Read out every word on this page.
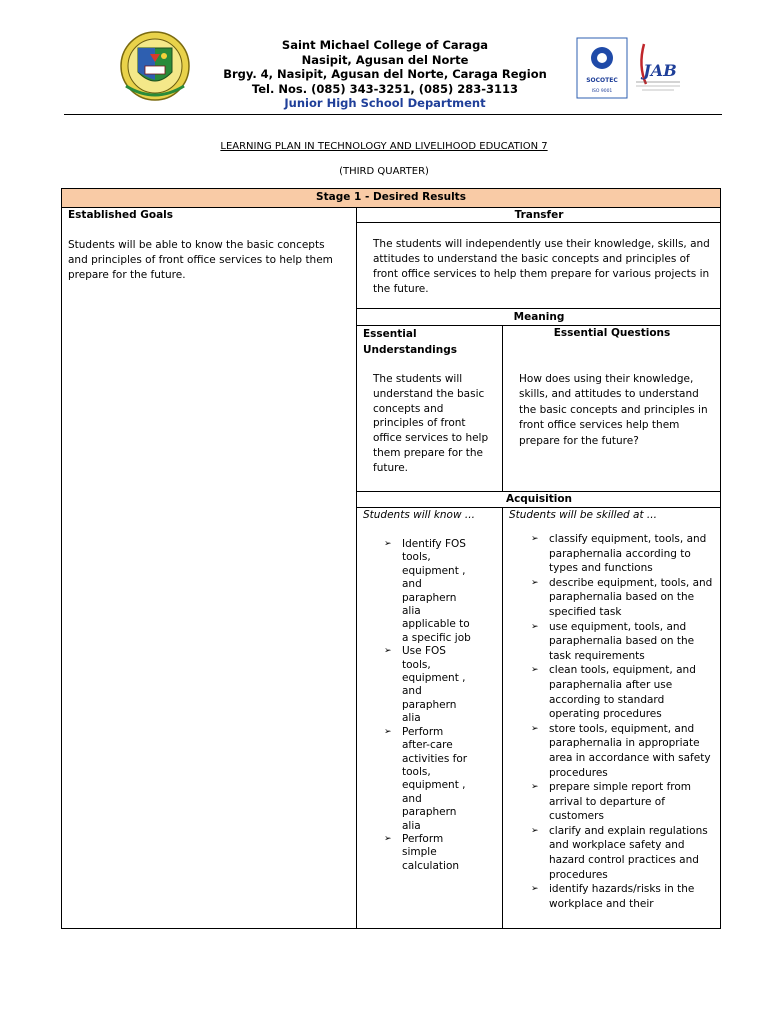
Saint Michael College of Caraga
Nasipit, Agusan del Norte
Brgy. 4, Nasipit, Agusan del Norte, Caraga Region
Tel. Nos. (085) 343-3251, (085) 283-3113
Junior High School Department
SOCOTEC
ISO 9001
JAB
LEARNING PLAN IN TECHNOLOGY AND LIVELIHOOD EDUCATION 7
(THIRD QUARTER)
Stage 1 - Desired Results
Established Goals
Students will be able to know the basic concepts and principles of front office services to help them prepare for the future.
Transfer
The students will independently use their knowledge, skills, and attitudes to understand the basic concepts and principles of front office services to help them prepare for various projects in the future.
Meaning
Essential Understandings
The students will understand the basic concepts and principles of front office services to help them prepare for the future.
Essential Questions
How does using their knowledge, skills, and attitudes to understand the basic concepts and principles in front office services help them prepare for the future?
Acquisition
Students will know ...	Students will be skilled at ...
➢ Identify FOS tools, equipment , and paraphern alia applicable to a specific job
➢ Use FOS tools, equipment , and paraphern alia
➢ Perform after-care activities for tools, equipment , and paraphern alia
➢ Perform simple calculation
➢ classify equipment, tools, and paraphernalia according to types and functions
➢ describe equipment, tools, and paraphernalia based on the specified task
➢ use equipment, tools, and paraphernalia based on the task requirements
➢ clean tools, equipment, and paraphernalia after use according to standard operating procedures
➢ store tools, equipment, and paraphernalia in appropriate area in accordance with safety procedures
➢ prepare simple report from arrival to departure of customers
➢ clarify and explain regulations and workplace safety and hazard control practices and procedures
➢ identify hazards/risks in the workplace and their
